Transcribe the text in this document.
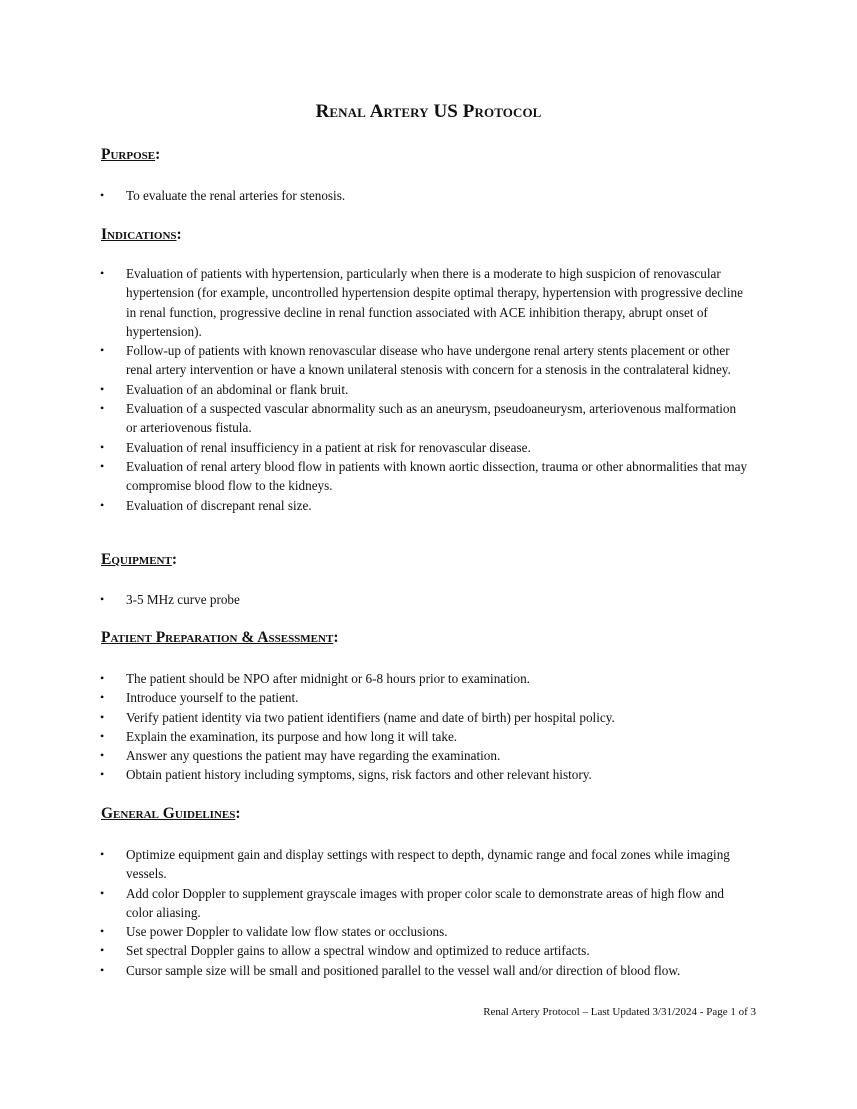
Renal Artery US Protocol
Purpose:
• To evaluate the renal arteries for stenosis.
Indications:
• Evaluation of patients with hypertension, particularly when there is a moderate to high suspicion of renovascular hypertension (for example, uncontrolled hypertension despite optimal therapy, hypertension with progressive decline in renal function, progressive decline in renal function associated with ACE inhibition therapy, abrupt onset of hypertension).
• Follow-up of patients with known renovascular disease who have undergone renal artery stents placement or other renal artery intervention or have a known unilateral stenosis with concern for a stenosis in the contralateral kidney.
• Evaluation of an abdominal or flank bruit.
• Evaluation of a suspected vascular abnormality such as an aneurysm, pseudoaneurysm, arteriovenous malformation or arteriovenous fistula.
• Evaluation of renal insufficiency in a patient at risk for renovascular disease.
• Evaluation of renal artery blood flow in patients with known aortic dissection, trauma or other abnormalities that may compromise blood flow to the kidneys.
• Evaluation of discrepant renal size.
Equipment:
• 3-5 MHz curve probe
Patient Preparation & Assessment:
• The patient should be NPO after midnight or 6-8 hours prior to examination.
• Introduce yourself to the patient.
• Verify patient identity via two patient identifiers (name and date of birth) per hospital policy.
• Explain the examination, its purpose and how long it will take.
• Answer any questions the patient may have regarding the examination.
• Obtain patient history including symptoms, signs, risk factors and other relevant history.
General Guidelines:
• Optimize equipment gain and display settings with respect to depth, dynamic range and focal zones while imaging vessels.
• Add color Doppler to supplement grayscale images with proper color scale to demonstrate areas of high flow and color aliasing.
• Use power Doppler to validate low flow states or occlusions.
• Set spectral Doppler gains to allow a spectral window and optimized to reduce artifacts.
• Cursor sample size will be small and positioned parallel to the vessel wall and/or direction of blood flow.
Renal Artery Protocol – Last Updated 3/31/2024 - Page 1 of 3
